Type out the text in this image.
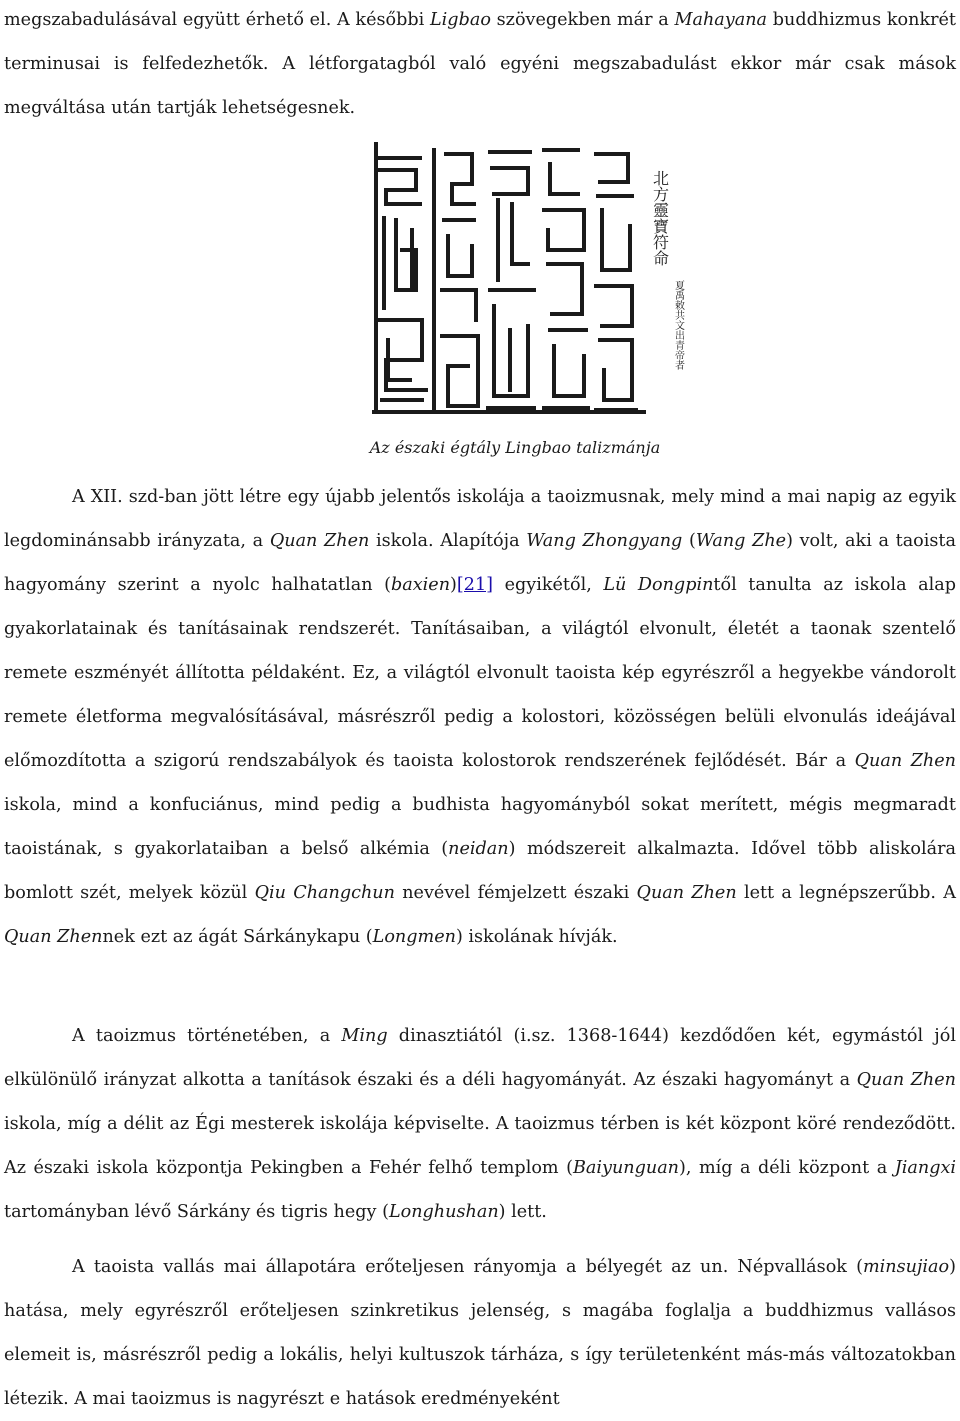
megszabadulásával együtt érhető el. A későbbi Ligbao szövegekben már a Mahayana buddhizmus konkrét terminusai is felfedezhetők. A létforgatagból való egyéni megszabadulást ekkor már csak mások megváltása után tartják lehetségesnek.

北方靈寶符命
夏禹敕共文出青帝者
Az északi égtály Lingbao talizmánja

A XII. szd-ban jött létre egy újabb jelentős iskolája a taoizmusnak, mely mind a mai napig az egyik legdominánsabb irányzata, a Quan Zhen iskola. Alapítója Wang Zhongyang (Wang Zhe) volt, aki a taoista hagyomány szerint a nyolc halhatatlan (baxien)[21] egyikétől, Lü Dongpintől tanulta az iskola alap gyakorlatainak és tanításainak rendszerét. Tanításaiban, a világtól elvonult, életét a taonak szentelő remete eszményét állította példaként. Ez, a világtól elvonult taoista kép egyrészről a hegyekbe vándorolt remete életforma megvalósításával, másrészről pedig a kolostori, közösségen belüli elvonulás ideájával előmozdította a szigorú rendszabályok és taoista kolostorok rendszerének fejlődését. Bár a Quan Zhen iskola, mind a konfuciánus, mind pedig a budhista hagyományból sokat merített, mégis megmaradt taoistának, s gyakorlataiban a belső alkémia (neidan) módszereit alkalmazta. Idővel több aliskolára bomlott szét, melyek közül Qiu Changchun nevével fémjelzett északi Quan Zhen lett a legnépszerűbb. A Quan Zhennek ezt az ágát Sárkánykapu (Longmen) iskolának hívják.

A taoizmus történetében, a Ming dinasztiától (i.sz. 1368-1644) kezdődően két, egymástól jól elkülönülő irányzat alkotta a tanítások északi és a déli hagyományát. Az északi hagyományt a Quan Zhen iskola, míg a délit az Égi mesterek iskolája képviselte. A taoizmus térben is két központ köré rendeződött. Az északi iskola központja Pekingben a Fehér felhő templom (Baiyunguan), míg a déli központ a Jiangxi tartományban lévő Sárkány és tigris hegy (Longhushan) lett.

A taoista vallás mai állapotára erőteljesen rányomja a bélyegét az un. Népvallások (minsujiao) hatása, mely egyrészről erőteljesen szinkretikus jelenség, s magába foglalja a buddhizmus vallásos elemeit is, másrészről pedig a lokális, helyi kultuszok tárháza, s így területenként más-más változatokban létezik. A mai taoizmus is nagyrészt e hatások eredményeként
